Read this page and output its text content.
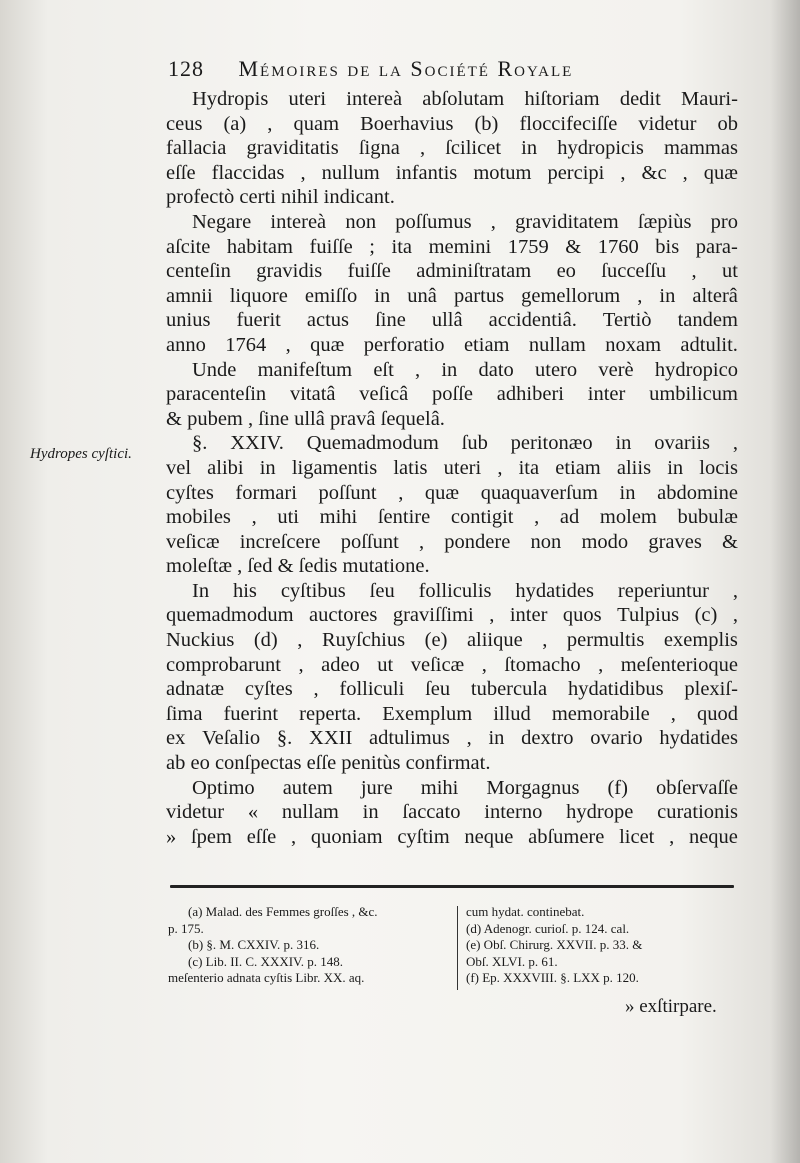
128 Mémoires de la Société Royale
Hydropes cyſtici.
Hydropis uteri intereà abſolutam hiſtoriam dedit Mauri-
ceus (a) , quam Boerhavius (b) floccifeciſſe videtur ob
fallacia graviditatis ſigna , ſcilicet in hydropicis mammas
eſſe flaccidas , nullum infantis motum percipi , &c , quæ
profectò certi nihil indicant.
Negare intereà non poſſumus , graviditatem ſæpiùs pro
aſcite habitam fuiſſe ; ita memini 1759 & 1760 bis para-
centeſin gravidis fuiſſe adminiſtratam eo ſucceſſu , ut
amnii liquore emiſſo in unâ partus gemellorum , in alterâ
unius fuerit actus ſine ullâ accidentiâ. Tertiò tandem
anno 1764 , quæ perforatio etiam nullam noxam adtulit.
Unde manifeſtum eſt , in dato utero verè hydropico
paracenteſin vitatâ veſicâ poſſe adhiberi inter umbilicum
& pubem , ſine ullâ pravâ ſequelâ.
§. XXIV. Quemadmodum ſub peritonæo in ovariis ,
vel alibi in ligamentis latis uteri , ita etiam aliis in locis
cyſtes formari poſſunt , quæ quaquaverſum in abdomine
mobiles , uti mihi ſentire contigit , ad molem bubulæ
veſicæ increſcere poſſunt , pondere non modo graves &
moleſtæ , ſed & ſedis mutatione.
In his cyſtibus ſeu folliculis hydatides reperiuntur ,
quemadmodum auctores graviſſimi , inter quos Tulpius (c) ,
Nuckius (d) , Ruyſchius (e) aliique , permultis exemplis
comprobarunt , adeo ut veſicæ , ſtomacho , meſenterioque
adnatæ cyſtes , folliculi ſeu tubercula hydatidibus plexiſ-
ſima fuerint reperta. Exemplum illud memorabile , quod
ex Veſalio §. XXII adtulimus , in dextro ovario hydatides
ab eo conſpectas eſſe penitùs confirmat.
Optimo autem jure mihi Morgagnus (f) obſervaſſe
videtur « nullam in ſaccato interno hydrope curationis
» ſpem eſſe , quoniam cyſtim neque abſumere licet , neque
(a) Malad. des Femmes groſſes , &c.
p. 175.
(b) §. M. CXXIV. p. 316.
(c) Lib. II. C. XXXIV. p. 148.
meſenterio adnata cyſtis Libr. XX. aq.
cum hydat. continebat.
(d) Adenogr. curioſ. p. 124. cal.
(e) Obſ. Chirurg. XXVII. p. 33. &
Obſ. XLVI. p. 61.
(f) Ep. XXXVIII. §. LXX p. 120.
» exſtirpare.
